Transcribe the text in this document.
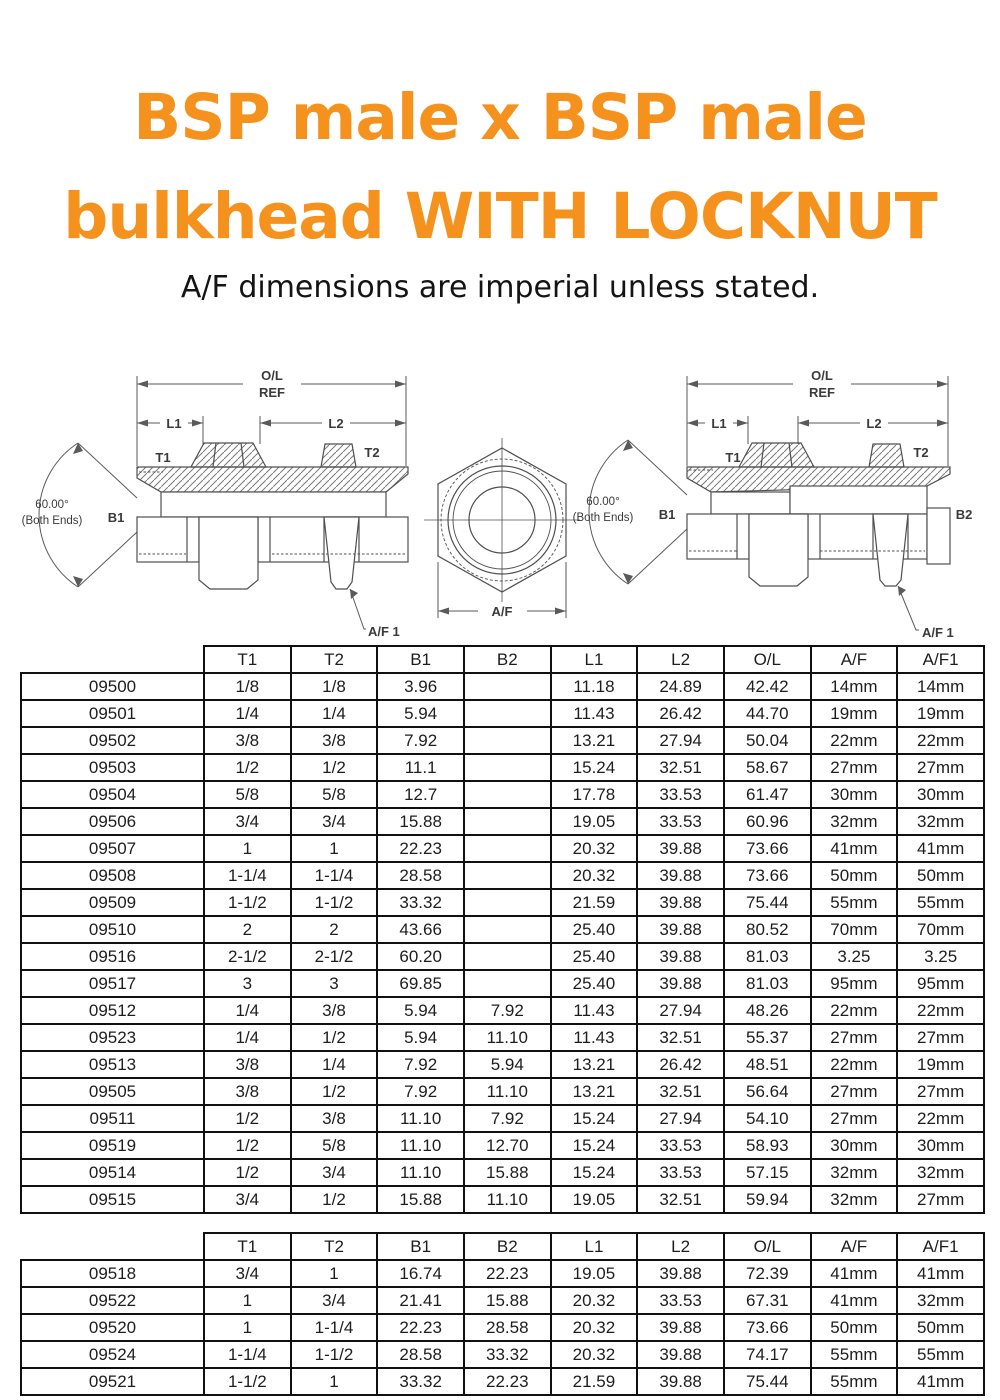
BSP male x BSP male
bulkhead WITH LOCKNUT
A/F dimensions are imperial unless stated.
O/L
REF
L1	L2
T1	T2
B1
60.00°
(Both Ends)
A/F 1
A/F
O/L
REF
L1	L2
T1	T2
B1	B2
60.00°
(Both Ends)
A/F 1
	T1	T2	B1	B2	L1	L2	O/L	A/F	A/F1
09500	1/8	1/8	3.96		11.18	24.89	42.42	14mm	14mm
09501	1/4	1/4	5.94		11.43	26.42	44.70	19mm	19mm
09502	3/8	3/8	7.92		13.21	27.94	50.04	22mm	22mm
09503	1/2	1/2	11.1		15.24	32.51	58.67	27mm	27mm
09504	5/8	5/8	12.7		17.78	33.53	61.47	30mm	30mm
09506	3/4	3/4	15.88		19.05	33.53	60.96	32mm	32mm
09507	1	1	22.23		20.32	39.88	73.66	41mm	41mm
09508	1-1/4	1-1/4	28.58		20.32	39.88	73.66	50mm	50mm
09509	1-1/2	1-1/2	33.32		21.59	39.88	75.44	55mm	55mm
09510	2	2	43.66		25.40	39.88	80.52	70mm	70mm
09516	2-1/2	2-1/2	60.20		25.40	39.88	81.03	3.25	3.25
09517	3	3	69.85		25.40	39.88	81.03	95mm	95mm
09512	1/4	3/8	5.94	7.92	11.43	27.94	48.26	22mm	22mm
09523	1/4	1/2	5.94	11.10	11.43	32.51	55.37	27mm	27mm
09513	3/8	1/4	7.92	5.94	13.21	26.42	48.51	22mm	19mm
09505	3/8	1/2	7.92	11.10	13.21	32.51	56.64	27mm	27mm
09511	1/2	3/8	11.10	7.92	15.24	27.94	54.10	27mm	22mm
09519	1/2	5/8	11.10	12.70	15.24	33.53	58.93	30mm	30mm
09514	1/2	3/4	11.10	15.88	15.24	33.53	57.15	32mm	32mm
09515	3/4	1/2	15.88	11.10	19.05	32.51	59.94	32mm	27mm
	T1	T2	B1	B2	L1	L2	O/L	A/F	A/F1
09518	3/4	1	16.74	22.23	19.05	39.88	72.39	41mm	41mm
09522	1	3/4	21.41	15.88	20.32	33.53	67.31	41mm	32mm
09520	1	1-1/4	22.23	28.58	20.32	39.88	73.66	50mm	50mm
09524	1-1/4	1-1/2	28.58	33.32	20.32	39.88	74.17	55mm	55mm
09521	1-1/2	1	33.32	22.23	21.59	39.88	75.44	55mm	41mm
